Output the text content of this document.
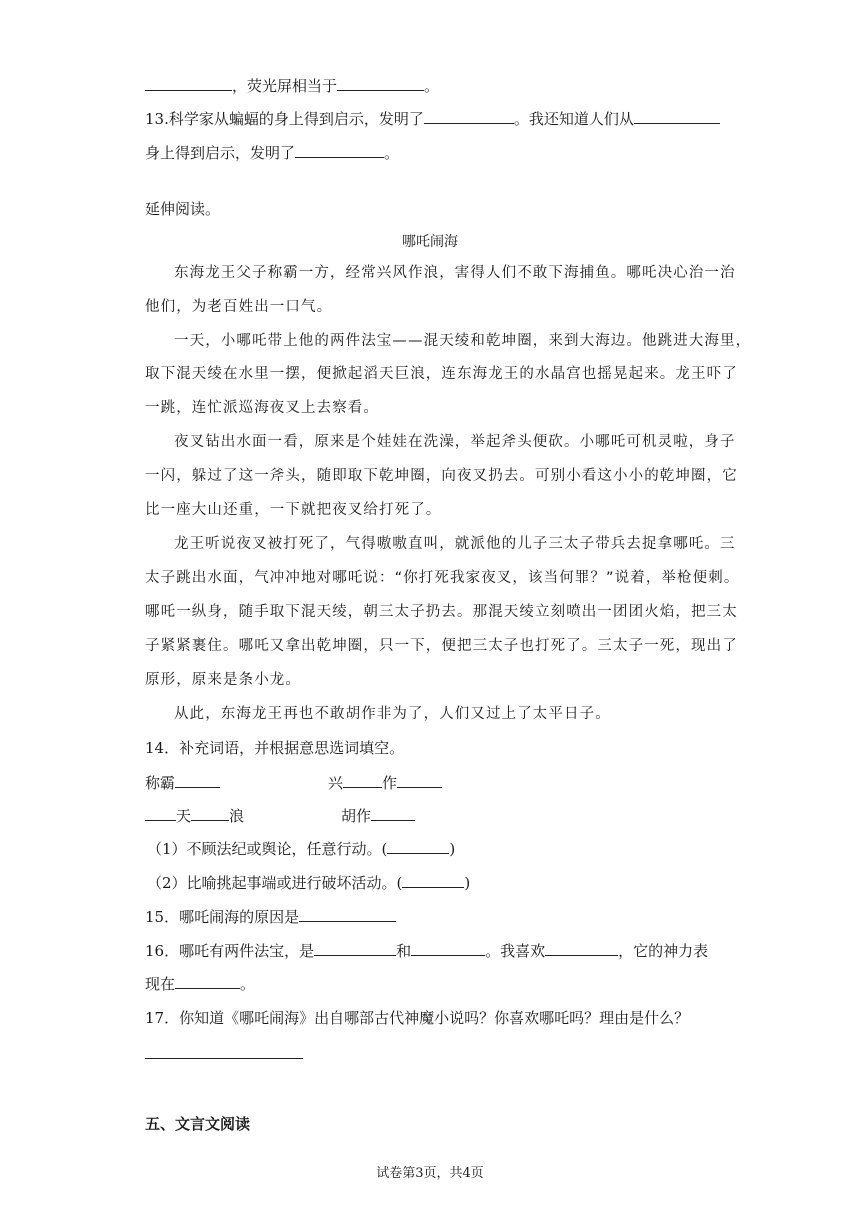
，荧光屏相当于	。
13.科学家从蝙蝠的身上得到启示，发明了	。我还知道人们从
身上得到启示，发明了	。
延伸阅读。
哪吒闹海
东海龙王父子称霸一方，经常兴风作浪，害得人们不敢下海捕鱼。哪吒决心治一治
他们，为老百姓出一口气。
一天，小哪吒带上他的两件法宝——混天绫和乾坤圈，来到大海边。他跳进大海里，
取下混天绫在水里一摆，便掀起滔天巨浪，连东海龙王的水晶宫也摇晃起来。龙王吓了
一跳，连忙派巡海夜叉上去察看。
夜叉钻出水面一看，原来是个娃娃在洗澡，举起斧头便砍。小哪吒可机灵啦，身子
一闪，躲过了这一斧头，随即取下乾坤圈，向夜叉扔去。可别小看这小小的乾坤圈，它
比一座大山还重，一下就把夜叉给打死了。
龙王听说夜叉被打死了，气得嗷嗷直叫，就派他的儿子三太子带兵去捉拿哪吒。三
太子跳出水面，气冲冲地对哪吒说：“你打死我家夜叉，该当何罪？”说着，举枪便刺。
哪吒一纵身，随手取下混天绫，朝三太子扔去。那混天绫立刻喷出一团团火焰，把三太
子紧紧裹住。哪吒又拿出乾坤圈，只一下，便把三太子也打死了。三太子一死，现出了
原形，原来是条小龙。
从此，东海龙王再也不敢胡作非为了，人们又过上了太平日子。
14．补充词语，并根据意思选词填空。
称霸	兴	作
天	浪	胡作
（1）不顾法纪或舆论，任意行动。(	)
（2）比喻挑起事端或进行破坏活动。(	)
15．哪吒闹海的原因是
16．哪吒有两件法宝，是	和	。我喜欢	，它的神力表
现在	。
17．你知道《哪吒闹海》出自哪部古代神魔小说吗？你喜欢哪吒吗？理由是什么？
五、文言文阅读
试卷第3页，共4页
